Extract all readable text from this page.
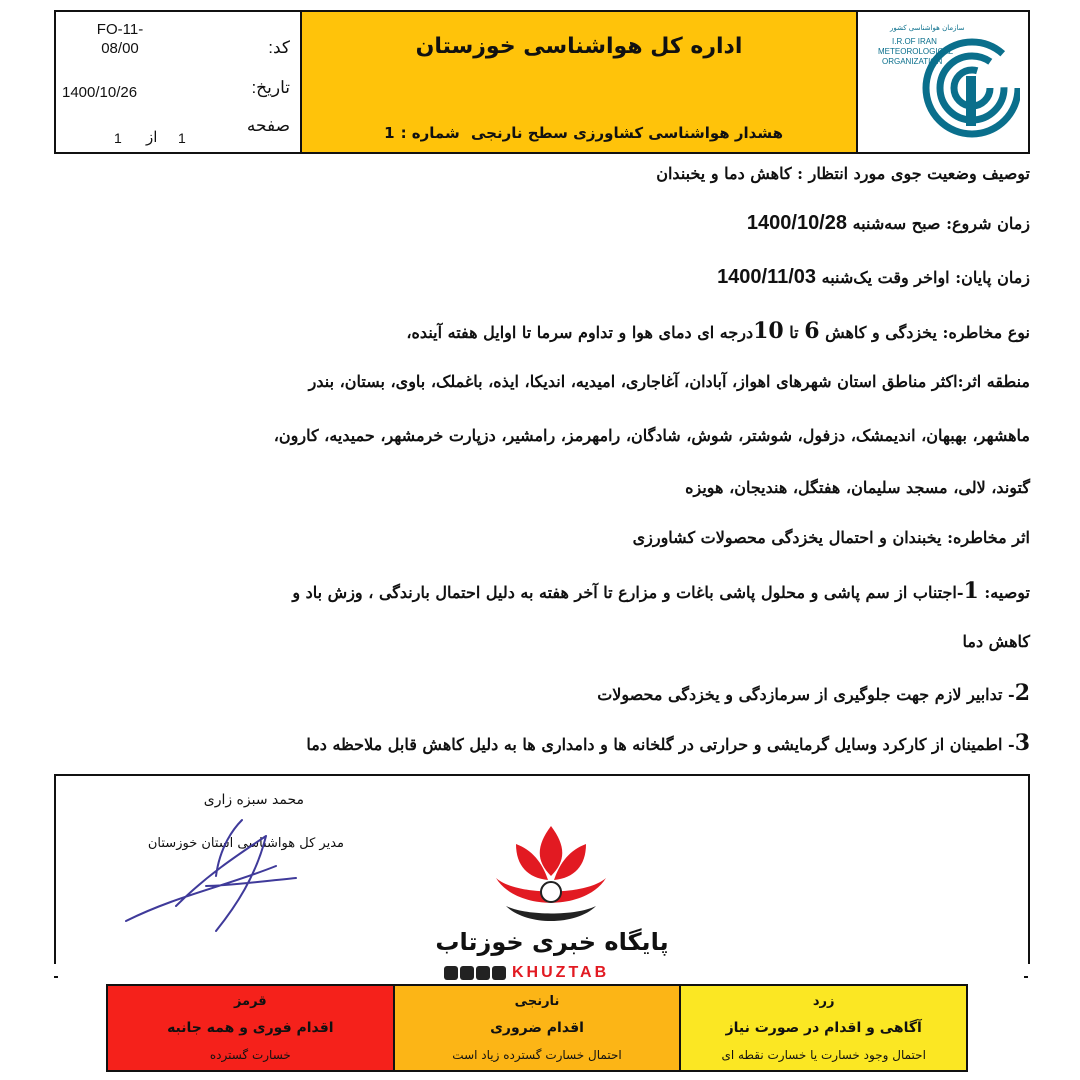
FO-11-
08/00	کد:
1400/10/26	تاریخ:
صفحه
1 از 1
اداره کل هواشناسی خوزستان
هشدار هواشناسی کشاورزی سطح نارنجی شماره :1
سازمان هواشناسی کشور
I.R.OF IRAN
METEOROLOGICAL
ORGANIZATION
توصیف وضعیت جوی مورد انتظار : کاهش دما و یخبندان
زمان شروع: صبح سه‌شنبه 1400/10/28
زمان پایان: اواخر وقت یک‌شنبه 1400/11/03
نوع مخاطره: یخزدگی و کاهش 6 تا 10درجه ای دمای هوا و تداوم سرما تا اوایل هفته آینده،
منطقه اثر:اکثر مناطق استان شهرهای اهواز، آبادان، آغاجاری، امیدیه، اندیکا، ایذه، باغملک، باوی، بستان، بندر
ماهشهر، بهبهان، اندیمشک، دزفول، شوشتر، شوش، شادگان، رامهرمز، رامشیر، دزپارت خرمشهر، حمیدیه، کارون،
گتوند، لالی، مسجد سلیمان، هفتگل، هندیجان، هویزه
اثر مخاطره: یخبندان و احتمال یخزدگی محصولات کشاورزی
توصیه: 1-اجتناب از سم پاشی و محلول پاشی باغات و مزارع تا آخر هفته به دلیل احتمال بارندگی ، وزش باد و
کاهش دما
2- تدابیر لازم جهت جلوگیری از سرمازدگی و یخزدگی محصولات
3- اطمینان از کارکرد وسایل گرمایشی و حرارتی در گلخانه ها و دامداری ها به دلیل کاهش قابل ملاحظه دما
محمد سبزه زاری
مدیر کل هواشناسی استان خوزستان
پایگاه خبری خوزتاب
KHUZTAB
قرمز
اقدام فوری و همه جانبه
خسارت گسترده
نارنجی
اقدام ضروری
احتمال خسارت گسترده زیاد است
زرد
آگاهی و اقدام در صورت نیاز
احتمال وجود خسارت یا خسارت نقطه ای
